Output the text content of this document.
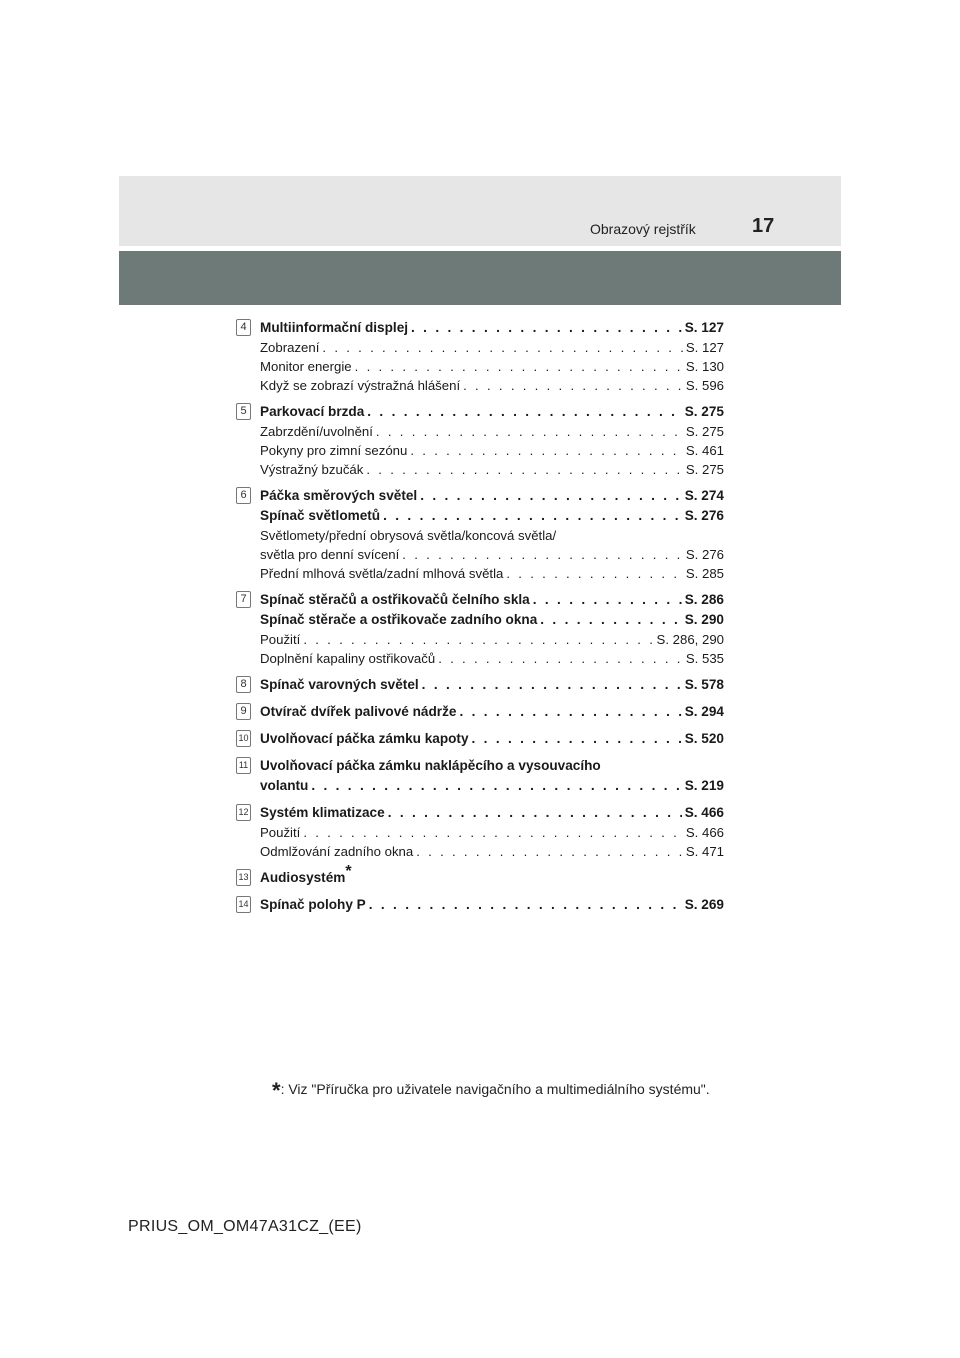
Obrazový rejstřík	17
4 Multiinformační displej . . .	S. 127
Zobrazení . . .	S. 127
Monitor energie . . .	S. 130
Když se zobrazí výstražná hlášení . . .	S. 596
5 Parkovací brzda . . .	S. 275
Zabrzdění/uvolnění . . .	S. 275
Pokyny pro zimní sezónu . . .	S. 461
Výstražný bzučák . . .	S. 275
6 Páčka směrových světel . . .	S. 274
Spínač světlometů . . .	S. 276
Světlomety/přední obrysová světla/koncová světla/
světla pro denní svícení . . .	S. 276
Přední mlhová světla/zadní mlhová světla . . .	S. 285
7 Spínač stěračů a ostřikovačů čelního skla . . .	S. 286
Spínač stěrače a ostřikovače zadního okna . . .	S. 290
Použití . . .	S. 286, 290
Doplnění kapaliny ostřikovačů . . .	S. 535
8 Spínač varovných světel . . .	S. 578
9 Otvírač dvířek palivové nádrže . . .	S. 294
10 Uvolňovací páčka zámku kapoty . . .	S. 520
11 Uvolňovací páčka zámku naklápěcího a vysouvacího
volantu . . .	S. 219
12 Systém klimatizace . . .	S. 466
Použití . . .	S. 466
Odmlžování zadního okna . . .	S. 471
13 Audiosystém*
14 Spínač polohy P . . .	S. 269
*: Viz "Příručka pro uživatele navigačního a multimediálního systému".
PRIUS_OM_OM47A31CZ_(EE)
